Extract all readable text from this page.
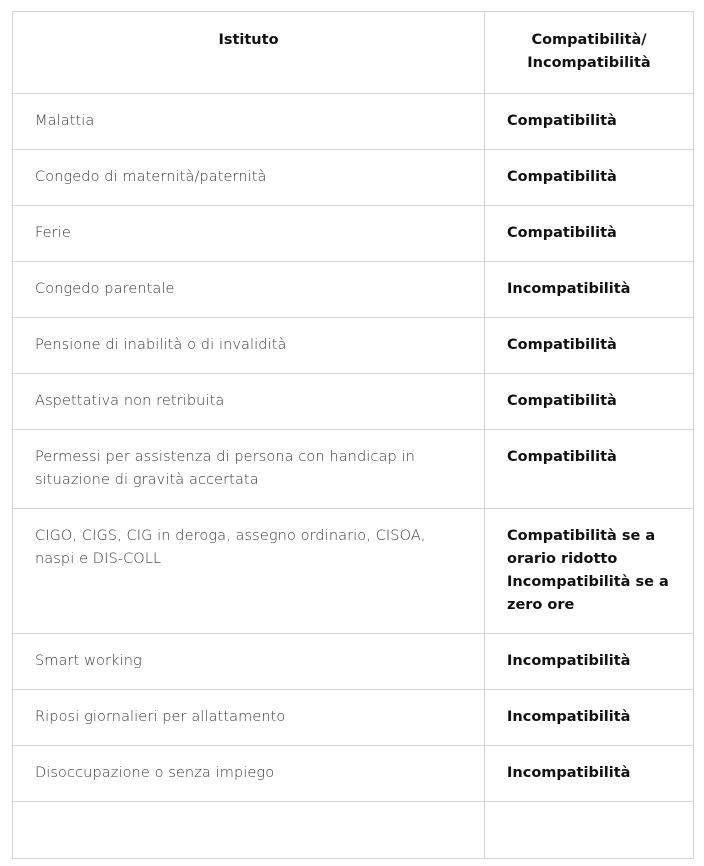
Istituto	Compatibilità/ Incompatibilità
Malattia	Compatibilità
Congedo di maternità/paternità	Compatibilità
Ferie	Compatibilità
Congedo parentale	Incompatibilità
Pensione di inabilità o di invalidità	Compatibilità
Aspettativa non retribuita	Compatibilità
Permessi per assistenza di persona con handicap in situazione di gravità accertata	Compatibilità
CIGO, CIGS, CIG in deroga, assegno ordinario, CISOA, naspi e DIS-COLL	Compatibilità se a orario ridotto Incompatibilità se a zero ore
Smart working	Incompatibilità
Riposi giornalieri per allattamento	Incompatibilità
Disoccupazione o senza impiego	Incompatibilità
